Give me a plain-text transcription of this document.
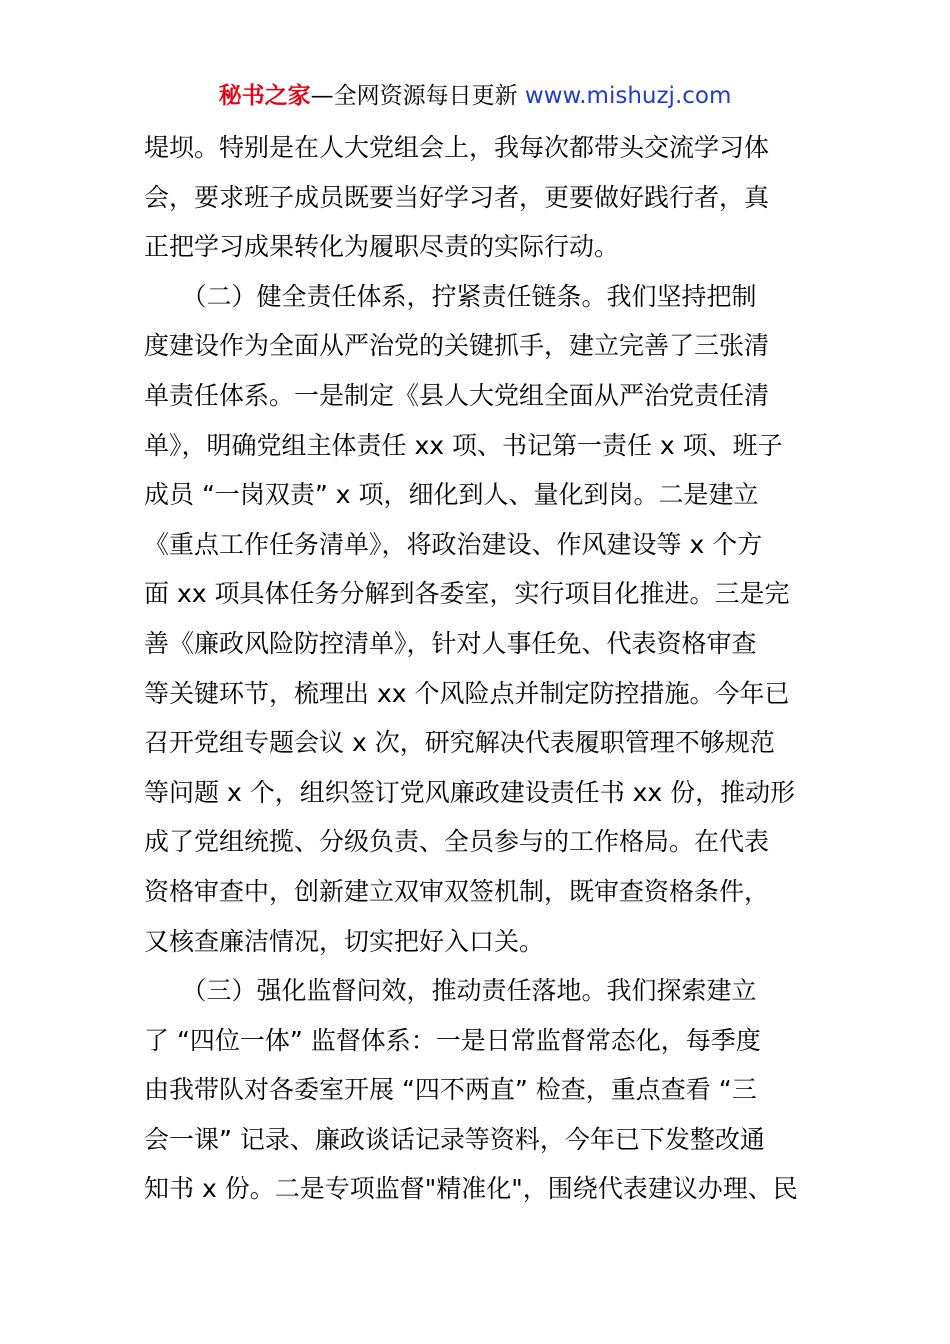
秘书之家—全网资源每日更新 www.mishuzj.com
堤坝。特别是在人大党组会上，我每次都带头交流学习体
会，要求班子成员既要当好学习者，更要做好践行者，真
正把学习成果转化为履职尽责的实际行动。
　　（二）健全责任体系，拧紧责任链条。我们坚持把制
度建设作为全面从严治党的关键抓手，建立完善了三张清
单责任体系。一是制定《县人大党组全面从严治党责任清
单》，明确党组主体责任 xx 项、书记第一责任 x 项、班子
成员 “一岗双责” x 项，细化到人、量化到岗。二是建立
《重点工作任务清单》，将政治建设、作风建设等 x 个方
面 xx 项具体任务分解到各委室，实行项目化推进。三是完
善《廉政风险防控清单》，针对人事任免、代表资格审查
等关键环节，梳理出 xx 个风险点并制定防控措施。今年已
召开党组专题会议 x 次，研究解决代表履职管理不够规范
等问题 x 个，组织签订党风廉政建设责任书 xx 份，推动形
成了党组统揽、分级负责、全员参与的工作格局。在代表
资格审查中，创新建立双审双签机制，既审查资格条件，
又核查廉洁情况，切实把好入口关。
　　（三）强化监督问效，推动责任落地。我们探索建立
了 “四位一体” 监督体系：一是日常监督常态化，每季度
由我带队对各委室开展 “四不两直” 检查，重点查看 “三
会一课” 记录、廉政谈话记录等资料，今年已下发整改通
知书 x 份。二是专项监督"精准化"，围绕代表建议办理、民
